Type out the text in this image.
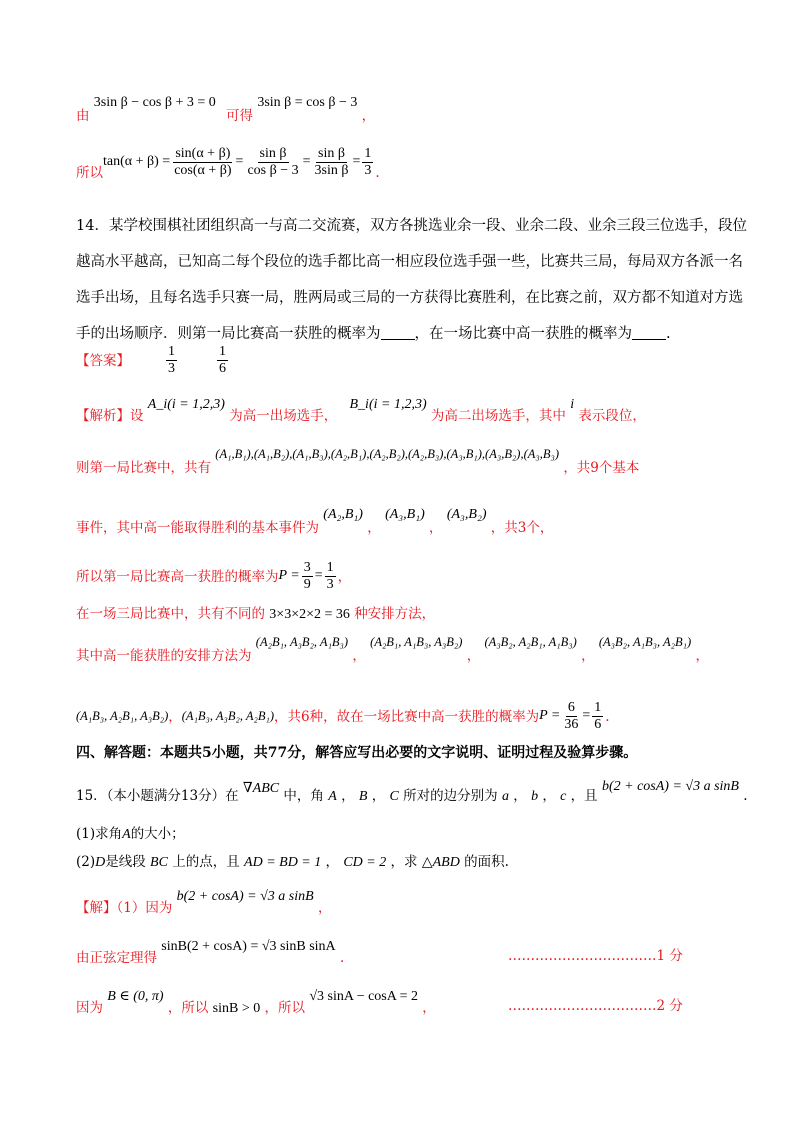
由 3sin β − cos β + 3 = 0 可得 3sin β = cos β − 3 ，
所以
$\tan(\alpha + \beta) = \frac{\sin(\alpha + \beta)}{\cos(\alpha + \beta)} = \frac{\text{sin β}}{\text{cos β − 3}} = \frac{\text{sin β}}{\text{3sin β}} = \frac{1}{3}$ .
14．某学校围棋社团组织高一与高二交流赛，双方各挑选业余一段、业余二段、业余三段三位选手，段位
越高水平越高，已知高二每个段位的选手都比高一相应段位选手强一些，比赛共三局，每局双方各派一名
选手出场，且每名选手只赛一局，胜两局或三局的一方获得比赛胜利，在比赛之前，双方都不知道对方选
手的出场顺序．则第一局比赛高一获胜的概率为 ，在一场比赛中高一获胜的概率为 .
【答案】	$\frac{1}{3}$	$\frac{1}{6}$
【解析】设 A_i(i = 1,2,3) 为高一出场选手， B_i(i = 1,2,3) 为高二出场选手，其中 i 表示段位，
则第一局比赛中，共有 (A₁,B₁),(A₁,B₂),(A₁,B₃),(A₂,B₁),(A₂,B₂),(A₂,B₃),(A₃,B₁),(A₃,B₂),(A₃,B₃) ，共9个基本
事件，其中高一能取得胜利的基本事件为 (A₂,B₁) ， (A₃,B₁) ， (A₃,B₂) ，共3个，
所以第一局比赛高一获胜的概率为 $P = \frac{3}{9} = \frac{1}{3}$ ，
在一场三局比赛中，共有不同的 3×3×2×2 = 36 种安排方法，
其中高一能获胜的安排方法为 (A₂B₁, A₃B₂, A₁B₃) ， (A₂B₁, A₁B₃, A₃B₂) ， (A₃B₂, A₂B₁, A₁B₃) ， (A₃B₂, A₁B₃, A₂B₁) ，
(A₁B₃, A₂B₁, A₃B₂) ， (A₁B₃, A₃B₂, A₂B₁) ，共6种，故在一场比赛中高一获胜的概率为 $P = \frac{6}{36} = \frac{1}{6}$ .
四、解答题：本题共5小题，共77分，解答应写出必要的文字说明、证明过程及验算步骤。
15．（本小题满分13分）在 ∇ABC 中，角 A ， B ， C 所对的边分别为 a ， b ， c ，且 b(2 + cosA) = √3 a sinB .
(1)求角A的大小；
(2)D是线段 BC 上的点，且 AD = BD = 1 ， CD = 2 ，求 △ABD 的面积.
【解】（1）因为 b(2 + cosA) = √3 a sinB ，
由正弦定理得 sinB(2 + cosA) = √3 sinB sinA .	……………………………1 分
因为 B ∈ (0, π) ，所以 sinB > 0 ，所以 √3 sinA − cosA = 2 ，	……………………………2 分
